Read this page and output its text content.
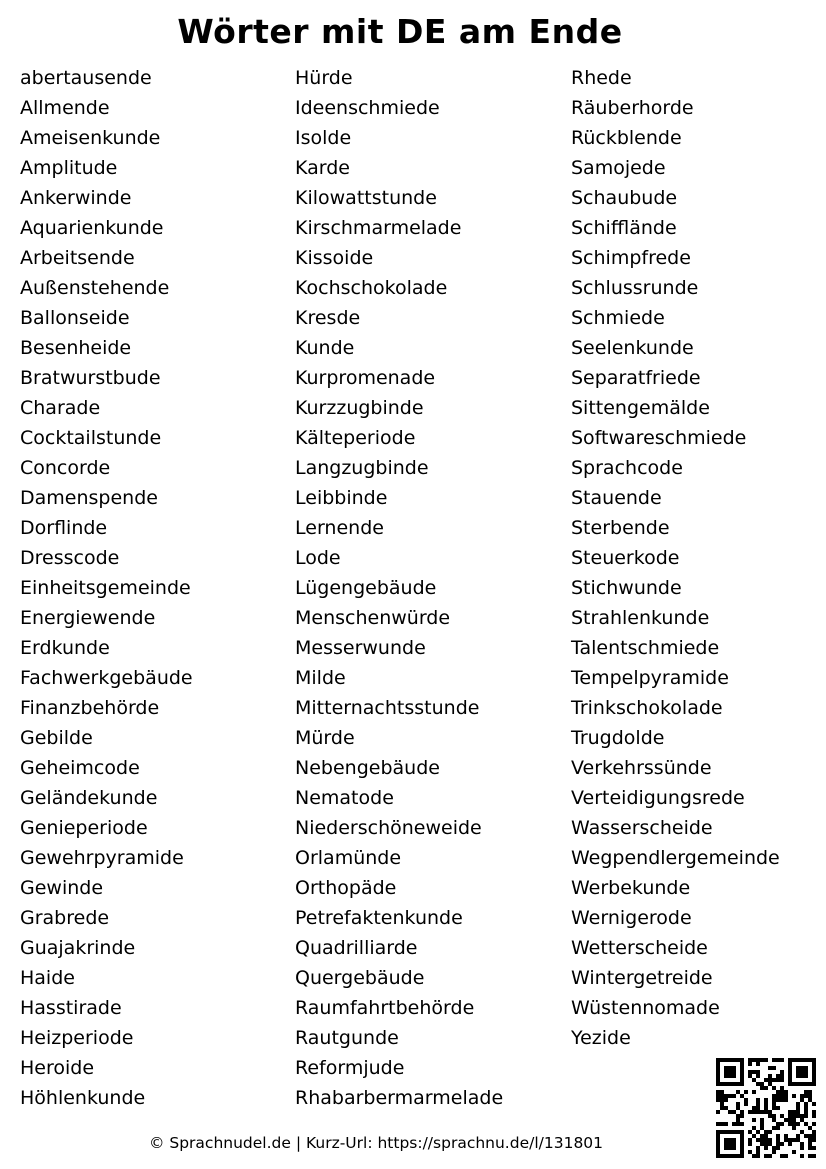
Wörter mit DE am Ende
abertausende
Allmende
Ameisenkunde
Amplitude
Ankerwinde
Aquarienkunde
Arbeitsende
Außenstehende
Ballonseide
Besenheide
Bratwurstbude
Charade
Cocktailstunde
Concorde
Damenspende
Dorflinde
Dresscode
Einheitsgemeinde
Energiewende
Erdkunde
Fachwerkgebäude
Finanzbehörde
Gebilde
Geheimcode
Geländekunde
Genieperiode
Gewehrpyramide
Gewinde
Grabrede
Guajakrinde
Haide
Hasstirade
Heizperiode
Heroide
Höhlenkunde
Hürde
Ideenschmiede
Isolde
Karde
Kilowattstunde
Kirschmarmelade
Kissoide
Kochschokolade
Kresde
Kunde
Kurpromenade
Kurzzugbinde
Kälteperiode
Langzugbinde
Leibbinde
Lernende
Lode
Lügengebäude
Menschenwürde
Messerwunde
Milde
Mitternachtsstunde
Mürde
Nebengebäude
Nematode
Niederschöneweide
Orlamünde
Orthopäde
Petrefaktenkunde
Quadrilliarde
Quergebäude
Raumfahrtbehörde
Rautgunde
Reformjude
Rhabarbermarmelade
Rhede
Räuberhorde
Rückblende
Samojede
Schaubude
Schiffländе
Schimpfrede
Schlussrunde
Schmiede
Seelenkunde
Separatfriede
Sittengemälde
Softwareschmiede
Sprachcode
Stauende
Sterbende
Steuerkode
Stichwunde
Strahlenkunde
Talentschmiede
Tempelpyramide
Trinkschokolade
Trugdolde
Verkehrssünde
Verteidigungsrede
Wasserscheide
Wegpendlergemeinde
Werbekunde
Wernigerode
Wetterscheide
Wintergetreide
Wüstennomade
Yezide
© Sprachnudel.de | Kurz-Url: https://sprachnu.de/l/131801
